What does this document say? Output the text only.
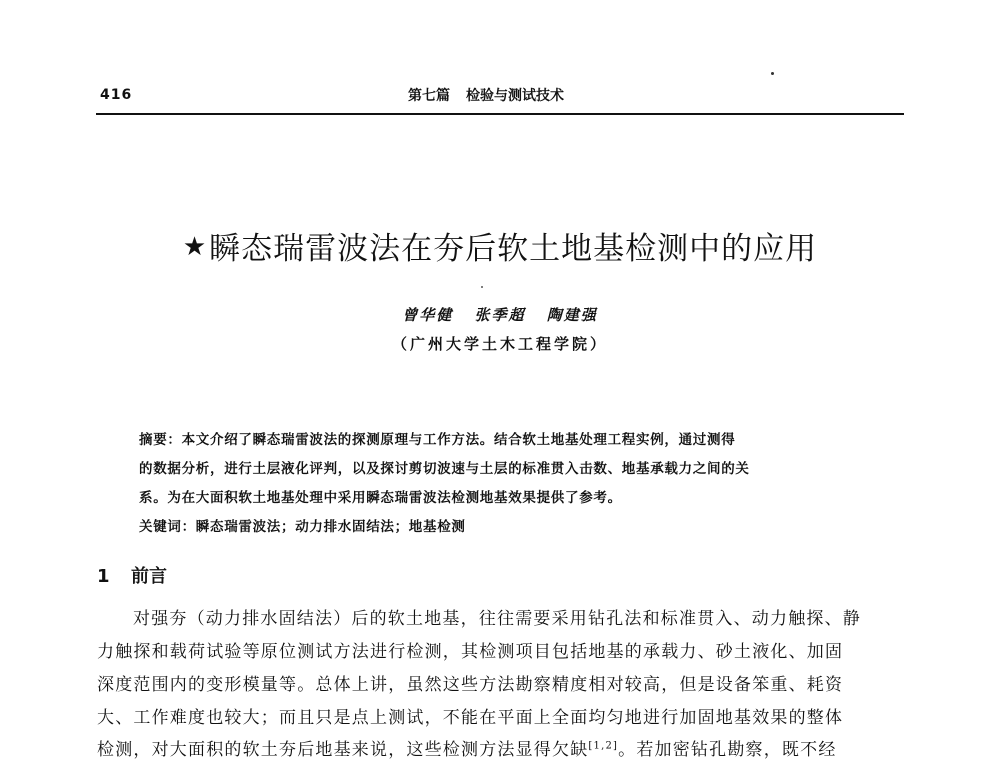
416	第七篇 检验与测试技术
★瞬态瑞雷波法在夯后软土地基检测中的应用
曾华健 张季超 陶建强
（广州大学土木工程学院）
摘要：本文介绍了瞬态瑞雷波法的探测原理与工作方法。结合软土地基处理工程实例，通过测得
的数据分析，进行土层液化评判，以及探讨剪切波速与土层的标准贯入击数、地基承载力之间的关
系。为在大面积软土地基处理中采用瞬态瑞雷波法检测地基效果提供了参考。
关键词：瞬态瑞雷波法；动力排水固结法；地基检测
1 前言
对强夯（动力排水固结法）后的软土地基，往往需要采用钻孔法和标准贯入、动力触探、静
力触探和载荷试验等原位测试方法进行检测，其检测项目包括地基的承载力、砂土液化、加固
深度范围内的变形模量等。总体上讲，虽然这些方法勘察精度相对较高，但是设备笨重、耗资
大、工作难度也较大；而且只是点上测试，不能在平面上全面均匀地进行加固地基效果的整体
检测，对大面积的软土夯后地基来说，这些检测方法显得欠缺[1,2]。若加密钻孔勘察，既不经
